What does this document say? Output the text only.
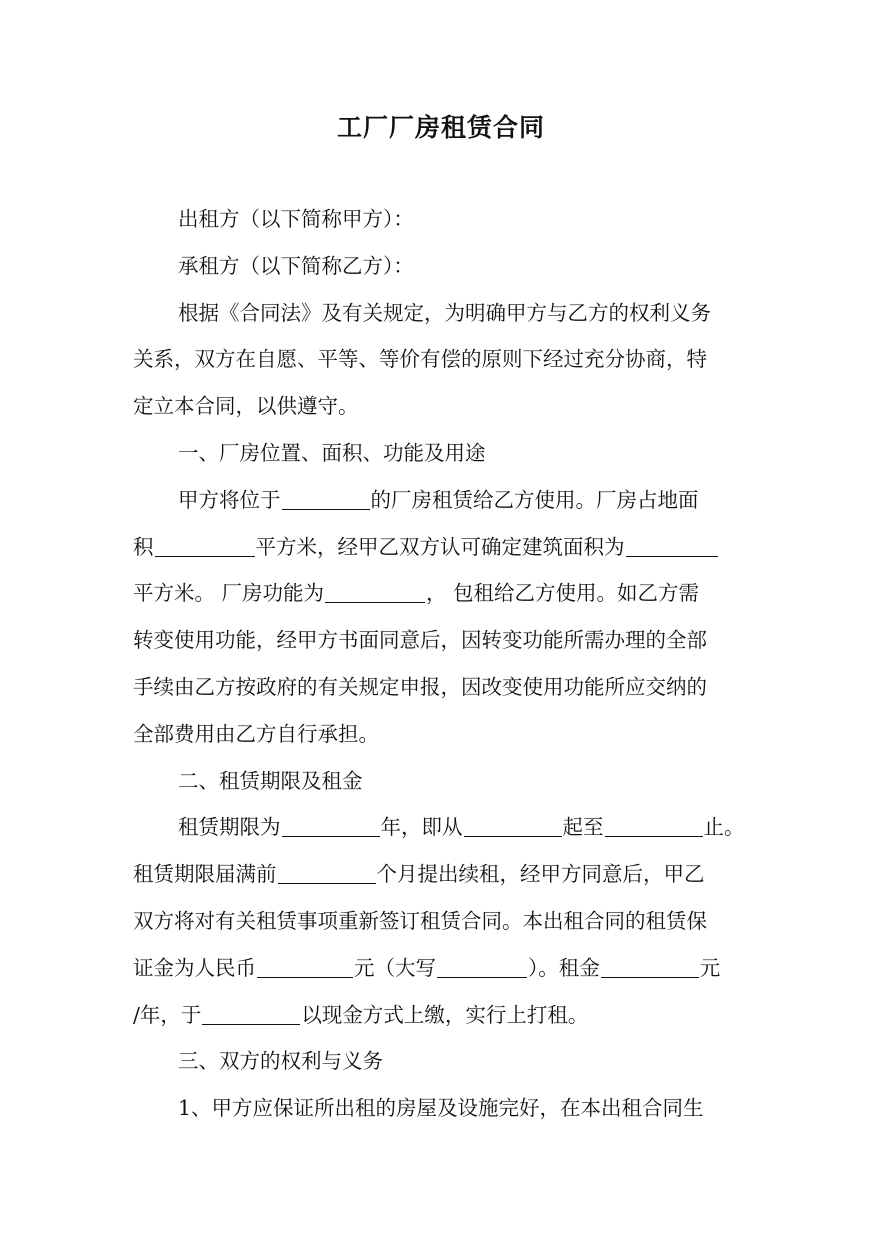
工厂厂房租赁合同

出租方（以下简称甲方）：

承租方（以下简称乙方）：

根据《合同法》及有关规定，为明确甲方与乙方的权利义务
关系，双方在自愿、平等、等价有偿的原则下经过充分协商，特
定立本合同，以供遵守。

一、厂房位置、面积、功能及用途

甲方将位于	的厂房租赁给乙方使用。厂房占地面
积	平方米，经甲乙双方认可确定建筑面积为
平方米。 厂房功能为	， 包租给乙方使用。如乙方需
转变使用功能，经甲方书面同意后，因转变功能所需办理的全部
手续由乙方按政府的有关规定申报，因改变使用功能所应交纳的
全部费用由乙方自行承担。

二、租赁期限及租金

租赁期限为	年，即从	起至	止。
租赁期限届满前	个月提出续租，经甲方同意后，甲乙
双方将对有关租赁事项重新签订租赁合同。本出租合同的租赁保
证金为人民币	元（大写	）。租金	元
/年，于	以现金方式上缴，实行上打租。

三、双方的权利与义务

1、甲方应保证所出租的房屋及设施完好，在本出租合同生
